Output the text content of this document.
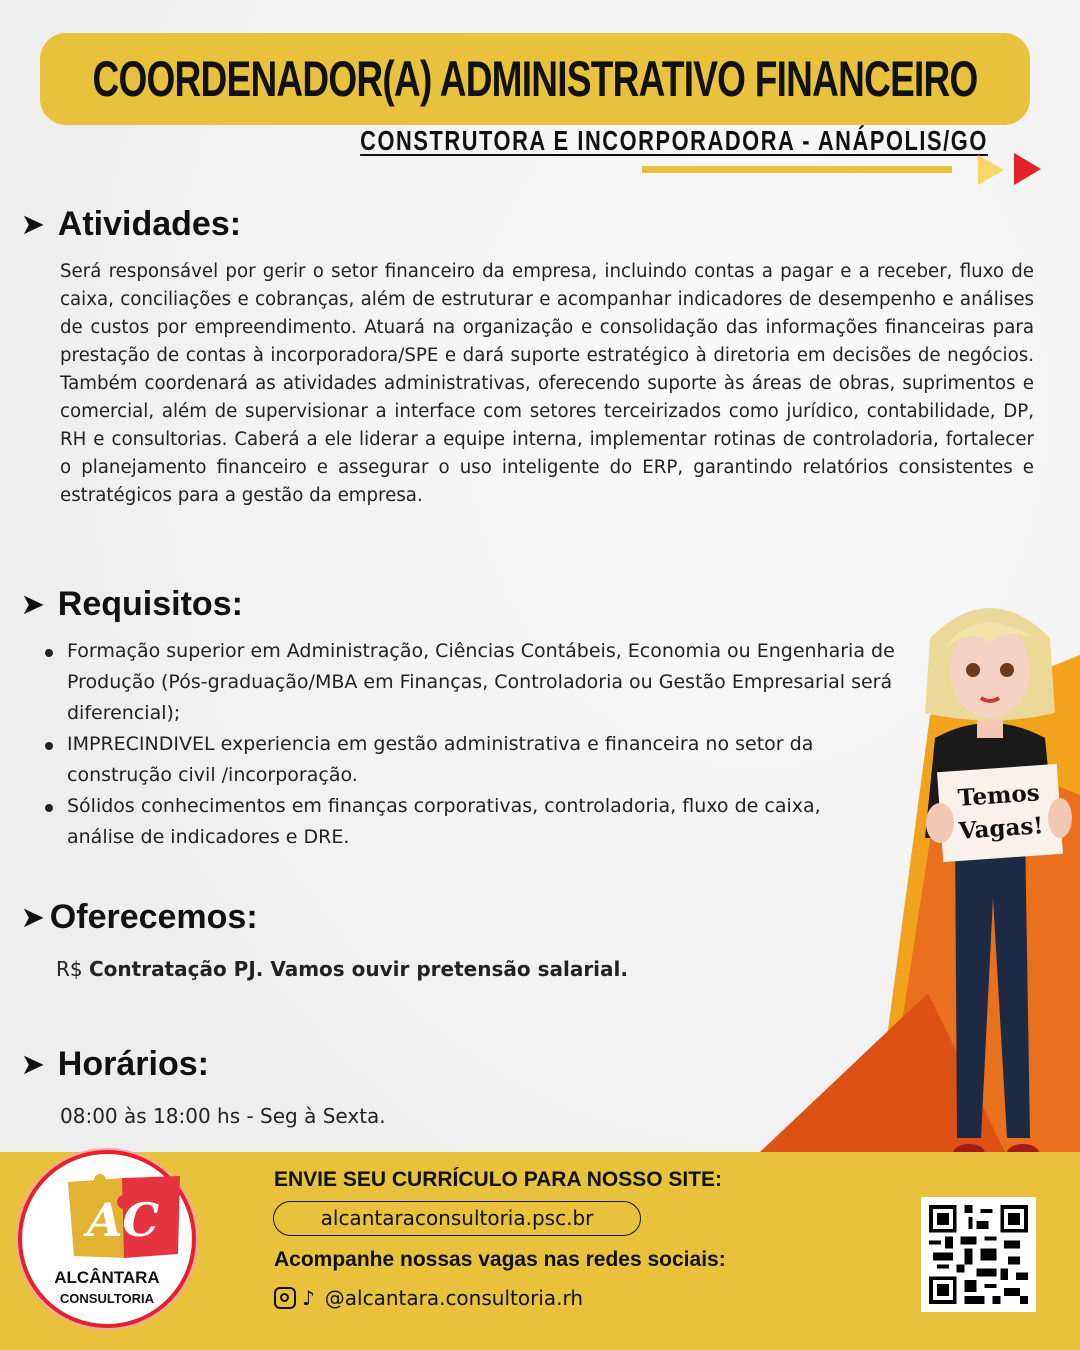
COORDENADOR(A) ADMINISTRATIVO FINANCEIRO
CONSTRUTORA E INCORPORADORA - ANÁPOLIS/GO
➤ Atividades:

Será responsável por gerir o setor financeiro da empresa, incluindo contas a pagar e a receber, fluxo de caixa, conciliações e cobranças, além de estruturar e acompanhar indicadores de desempenho e análises de custos por empreendimento. Atuará na organização e consolidação das informações financeiras para prestação de contas à incorporadora/SPE e dará suporte estratégico à diretoria em decisões de negócios. Também coordenará as atividades administrativas, oferecendo suporte às áreas de obras, suprimentos e comercial, além de supervisionar a interface com setores terceirizados como jurídico, contabilidade, DP, RH e consultorias. Caberá a ele liderar a equipe interna, implementar rotinas de controladoria, fortalecer o planejamento financeiro e assegurar o uso inteligente do ERP, garantindo relatórios consistentes e estratégicos para a gestão da empresa.

➤ Requisitos:
Formação superior em Administração, Ciências Contábeis, Economia ou Engenharia de Produção (Pós-graduação/MBA em Finanças, Controladoria ou Gestão Empresarial será diferencial);
IMPRECINDIVEL experiencia em gestão administrativa e financeira no setor da construção civil /incorporação.
Sólidos conhecimentos em finanças corporativas, controladoria, fluxo de caixa, análise de indicadores e DRE.
Temos
Vagas!
➤ Oferecemos:

R$ Contratação PJ. Vamos ouvir pretensão salarial.

➤ Horários:

08:00 às 18:00 hs - Seg à Sexta.

AC
ALCÂNTARA
CONSULTORIA
ENVIE SEU CURRÍCULO PARA NOSSO SITE:
alcantaraconsultoria.psc.br
Acompanhe nossas vagas nas redes sociais:
♪ @alcantara.consultoria.rh
